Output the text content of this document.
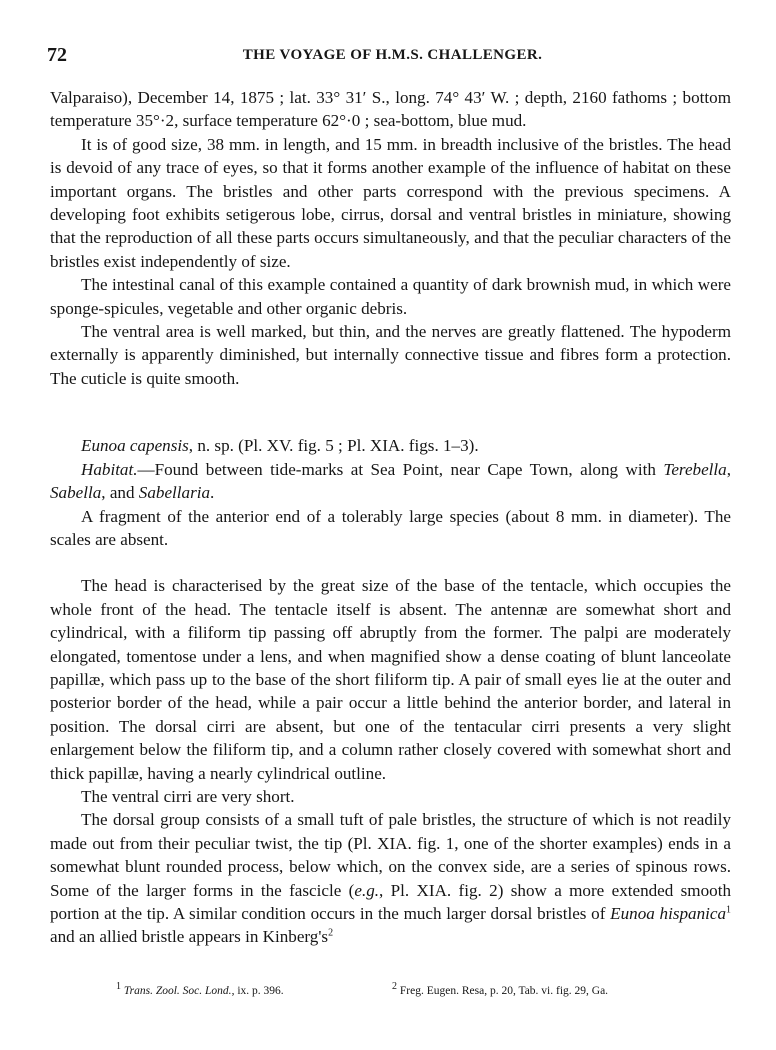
72	THE VOYAGE OF H.M.S. CHALLENGER.

Valparaiso), December 14, 1875 ; lat. 33° 31′ S., long. 74° 43′ W. ; depth, 2160 fathoms ; bottom temperature 35°·2, surface temperature 62°·0 ; sea-bottom, blue mud.

It is of good size, 38 mm. in length, and 15 mm. in breadth inclusive of the bristles. The head is devoid of any trace of eyes, so that it forms another example of the influence of habitat on these important organs. The bristles and other parts correspond with the previous specimens. A developing foot exhibits setigerous lobe, cirrus, dorsal and ventral bristles in miniature, showing that the reproduction of all these parts occurs simultaneously, and that the peculiar characters of the bristles exist independently of size.

The intestinal canal of this example contained a quantity of dark brownish mud, in which were sponge-spicules, vegetable and other organic debris.

The ventral area is well marked, but thin, and the nerves are greatly flattened. The hypoderm externally is apparently diminished, but internally connective tissue and fibres form a protection. The cuticle is quite smooth.

Eunoa capensis, n. sp. (Pl. XV. fig. 5 ; Pl. XIA. figs. 1–3).

Habitat.—Found between tide-marks at Sea Point, near Cape Town, along with Terebella, Sabella, and Sabellaria.

A fragment of the anterior end of a tolerably large species (about 8 mm. in diameter). The scales are absent.

The head is characterised by the great size of the base of the tentacle, which occupies the whole front of the head. The tentacle itself is absent. The antennæ are somewhat short and cylindrical, with a filiform tip passing off abruptly from the former. The palpi are moderately elongated, tomentose under a lens, and when magnified show a dense coating of blunt lanceolate papillæ, which pass up to the base of the short filiform tip. A pair of small eyes lie at the outer and posterior border of the head, while a pair occur a little behind the anterior border, and lateral in position. The dorsal cirri are absent, but one of the tentacular cirri presents a very slight enlargement below the filiform tip, and a column rather closely covered with somewhat short and thick papillæ, having a nearly cylindrical outline.

The ventral cirri are very short.

The dorsal group consists of a small tuft of pale bristles, the structure of which is not readily made out from their peculiar twist, the tip (Pl. XIA. fig. 1, one of the shorter examples) ends in a somewhat blunt rounded process, below which, on the convex side, are a series of spinous rows. Some of the larger forms in the fascicle (e.g., Pl. XIA. fig. 2) show a more extended smooth portion at the tip. A similar condition occurs in the much larger dorsal bristles of Eunoa hispanica$^1$ and an allied bristle appears in $Kinberg's^2$

$^1$ Trans. Zool. Soc. Lond., ix. p. 396.	$^2$ Freg. Eugen. Resa, p. 20, Tab. vi. fig. 29, Ga.
